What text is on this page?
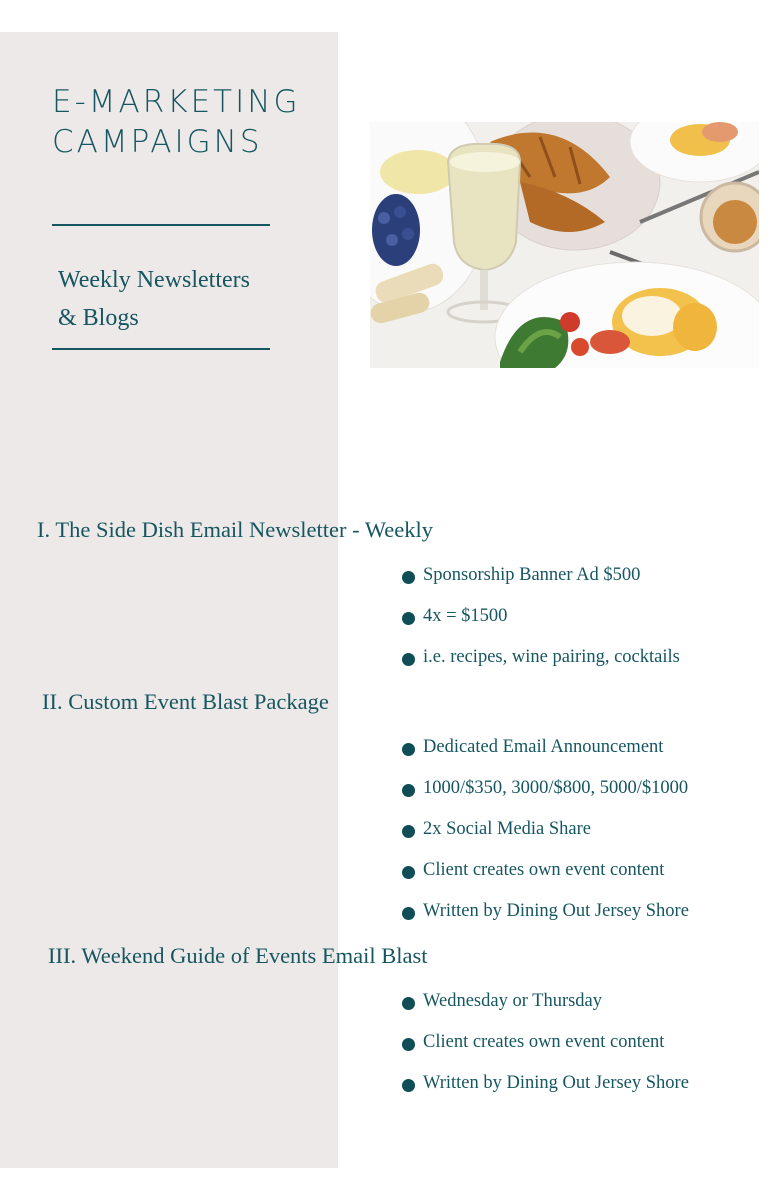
E-MARKETING
CAMPAIGNS
Weekly Newsletters
& Blogs
I. The Side Dish Email Newsletter - Weekly
Sponsorship Banner Ad $500
4x = $1500
i.e. recipes, wine pairing, cocktails
II. Custom Event Blast Package
Dedicated Email Announcement
1000/$350, 3000/$800, 5000/$1000
2x Social Media Share
Client creates own event content
Written by Dining Out Jersey Shore
III. Weekend Guide of Events Email Blast
Wednesday or Thursday
Client creates own event content
Written by Dining Out Jersey Shore
